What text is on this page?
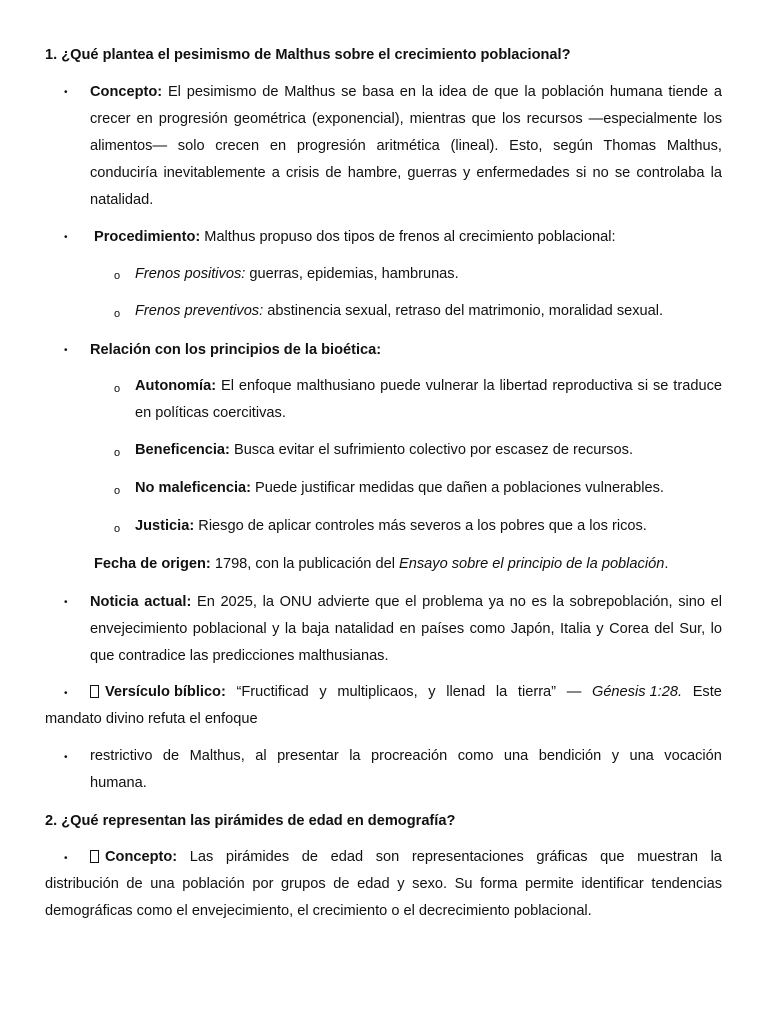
1. ¿Qué plantea el pesimismo de Malthus sobre el crecimiento poblacional?
• Concepto: El pesimismo de Malthus se basa en la idea de que la población humana tiende a crecer en progresión geométrica (exponencial), mientras que los recursos —especialmente los alimentos— solo crecen en progresión aritmética (lineal). Esto, según Thomas Malthus, conduciría inevitablemente a crisis de hambre, guerras y enfermedades si no se controlaba la natalidad.
• Procedimiento: Malthus propuso dos tipos de frenos al crecimiento poblacional:
o Frenos positivos: guerras, epidemias, hambrunas.
o Frenos preventivos: abstinencia sexual, retraso del matrimonio, moralidad sexual.
• Relación con los principios de la bioética:
o Autonomía: El enfoque malthusiano puede vulnerar la libertad reproductiva si se traduce en políticas coercitivas.
o Beneficencia: Busca evitar el sufrimiento colectivo por escasez de recursos.
o No maleficencia: Puede justificar medidas que dañen a poblaciones vulnerables.
o Justicia: Riesgo de aplicar controles más severos a los pobres que a los ricos.
Fecha de origen: 1798, con la publicación del Ensayo sobre el principio de la población.
• Noticia actual: En 2025, la ONU advierte que el problema ya no es la sobrepoblación, sino el envejecimiento poblacional y la baja natalidad en países como Japón, Italia y Corea del Sur, lo que contradice las predicciones malthusianas.
•	Versículo bíblico: “Fructificad y multiplicaos, y llenad la tierra” — Génesis 1:28. Este
mandato divino refuta el enfoque
• restrictivo de Malthus, al presentar la procreación como una bendición y una vocación
humana.
2. ¿Qué representan las pirámides de edad en demografía?
•	Concepto: Las pirámides de edad son representaciones gráficas que muestran la
distribución de una población por grupos de edad y sexo. Su forma permite identificar tendencias demográficas como el envejecimiento, el crecimiento o el decrecimiento poblacional.
